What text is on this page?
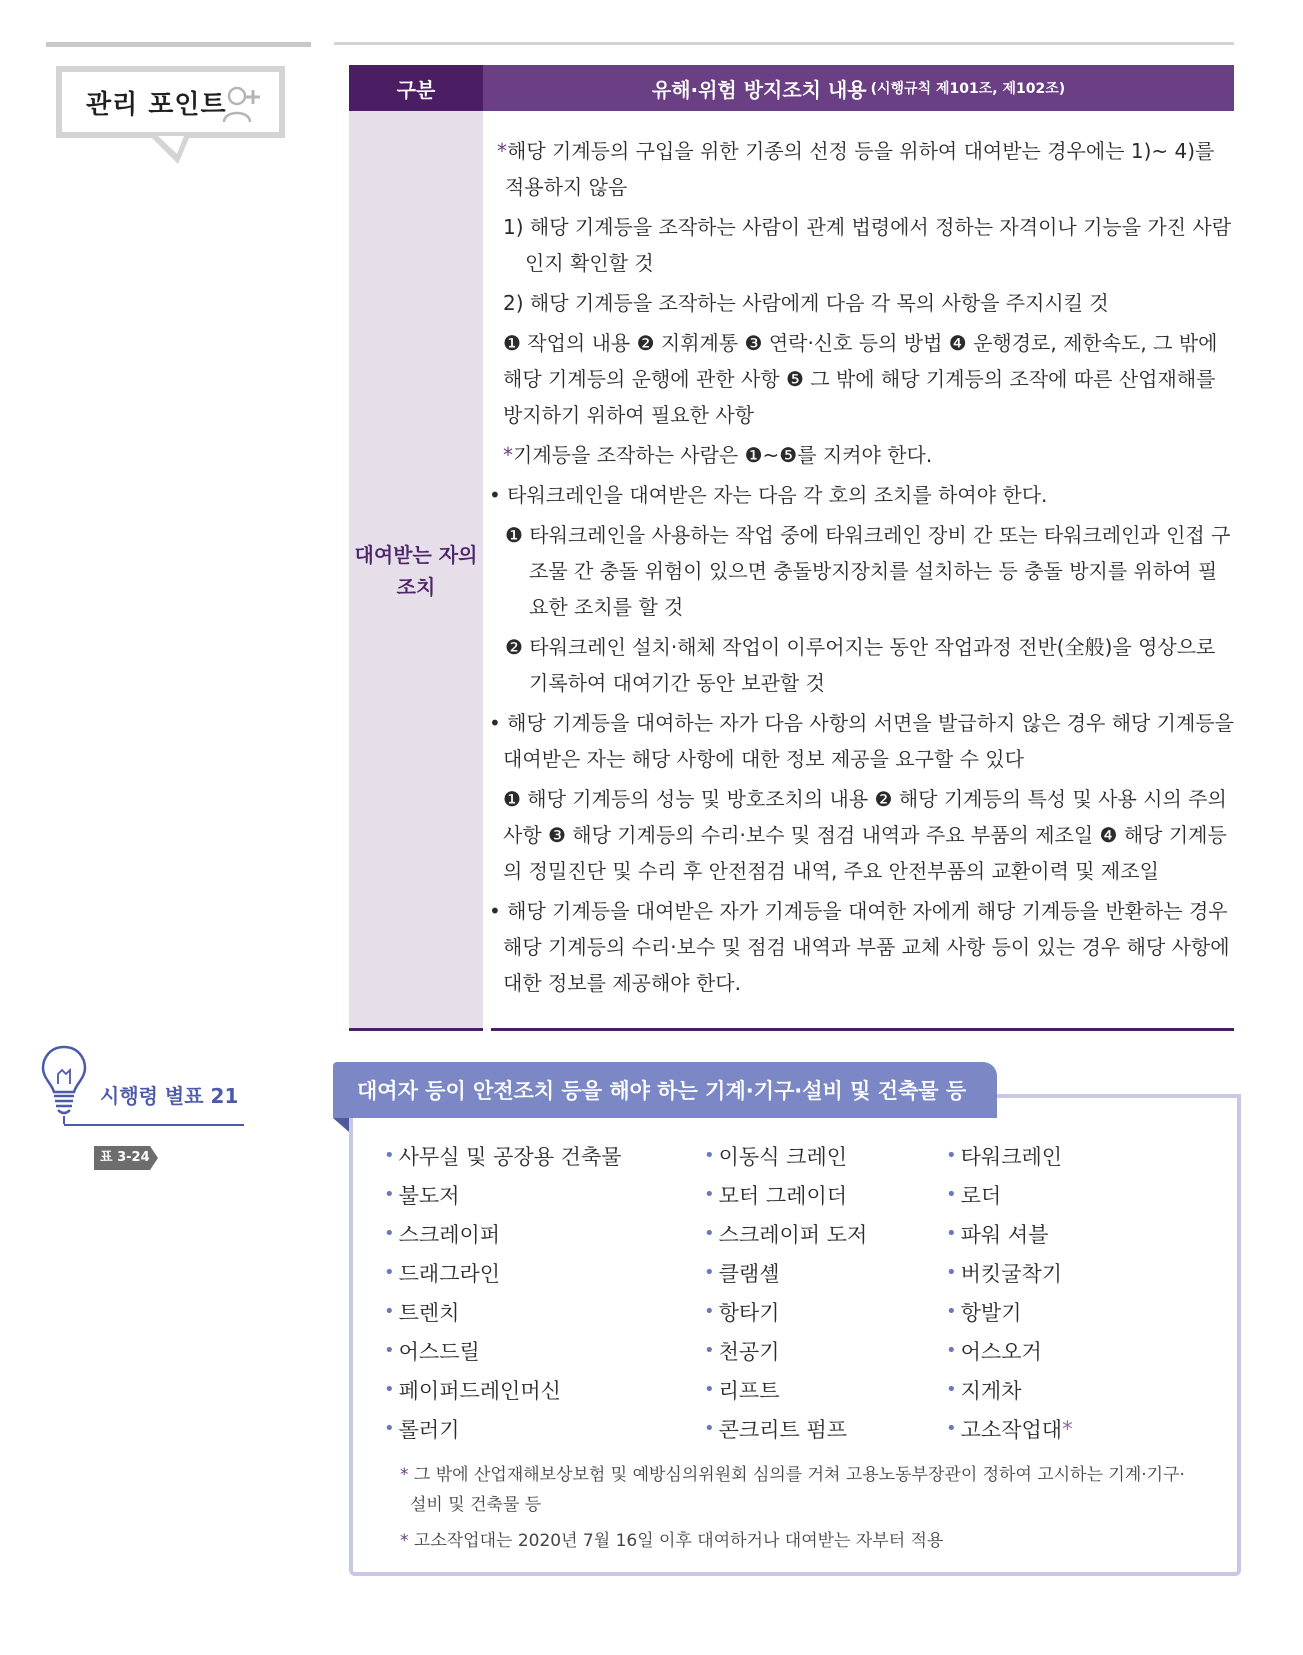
관리 포인트	구분	유해·위험 방지조치 내용 (시행규칙 제101조, 제102조)
대여받는 자의 조치

*해당 기계등의 구입을 위한 기종의 선정 등을 위하여 대여받는 경우에는 1)~ 4)를 적용하지 않음

1) 해당 기계등을 조작하는 사람이 관계 법령에서 정하는 자격이나 기능을 가진 사람인지 확인할 것

2) 해당 기계등을 조작하는 사람에게 다음 각 목의 사항을 주지시킬 것

❶ 작업의 내용 ❷ 지휘계통 ❸ 연락·신호 등의 방법 ❹ 운행경로, 제한속도, 그 밖에 해당 기계등의 운행에 관한 사항 ❺ 그 밖에 해당 기계등의 조작에 따른 산업재해를 방지하기 위하여 필요한 사항

*기계등을 조작하는 사람은 ❶~❺를 지켜야 한다.

• 타워크레인을 대여받은 자는 다음 각 호의 조치를 하여야 한다.

❶ 타워크레인을 사용하는 작업 중에 타워크레인 장비 간 또는 타워크레인과 인접 구조물 간 충돌 위험이 있으면 충돌방지장치를 설치하는 등 충돌 방지를 위하여 필요한 조치를 할 것

❷ 타워크레인 설치·해체 작업이 이루어지는 동안 작업과정 전반(全般)을 영상으로 기록하여 대여기간 동안 보관할 것

• 해당 기계등을 대여하는 자가 다음 사항의 서면을 발급하지 않은 경우 해당 기계등을 대여받은 자는 해당 사항에 대한 정보 제공을 요구할 수 있다

❶ 해당 기계등의 성능 및 방호조치의 내용 ❷ 해당 기계등의 특성 및 사용 시의 주의사항 ❸ 해당 기계등의 수리·보수 및 점검 내역과 주요 부품의 제조일 ❹ 해당 기계등의 정밀진단 및 수리 후 안전점검 내역, 주요 안전부품의 교환이력 및 제조일

• 해당 기계등을 대여받은 자가 기계등을 대여한 자에게 해당 기계등을 반환하는 경우 해당 기계등의 수리·보수 및 점검 내역과 부품 교체 사항 등이 있는 경우 해당 사항에 대한 정보를 제공해야 한다.

시행령 별표 21
표 3-24
대여자 등이 안전조치 등을 해야 하는 기계·기구·설비 및 건축물 등
• 사무실 및 공장용 건축물	• 이동식 크레인	• 타워크레인
• 불도저	• 모터 그레이더	• 로더
• 스크레이퍼	• 스크레이퍼 도저	• 파워 셔블
• 드래그라인	• 클램셸	• 버킷굴착기
• 트렌치	• 항타기	• 항발기
• 어스드릴	• 천공기	• 어스오거
• 페이퍼드레인머신	• 리프트	• 지게차
• 롤러기	• 콘크리트 펌프	• 고소작업대 *

* 그 밖에 산업재해보상보험 및 예방심의위원회 심의를 거쳐 고용노동부장관이 정하여 고시하는 기계·기구·설비 및 건축물 등

* 고소작업대는 2020년 7월 16일 이후 대여하거나 대여받는 자부터 적용
